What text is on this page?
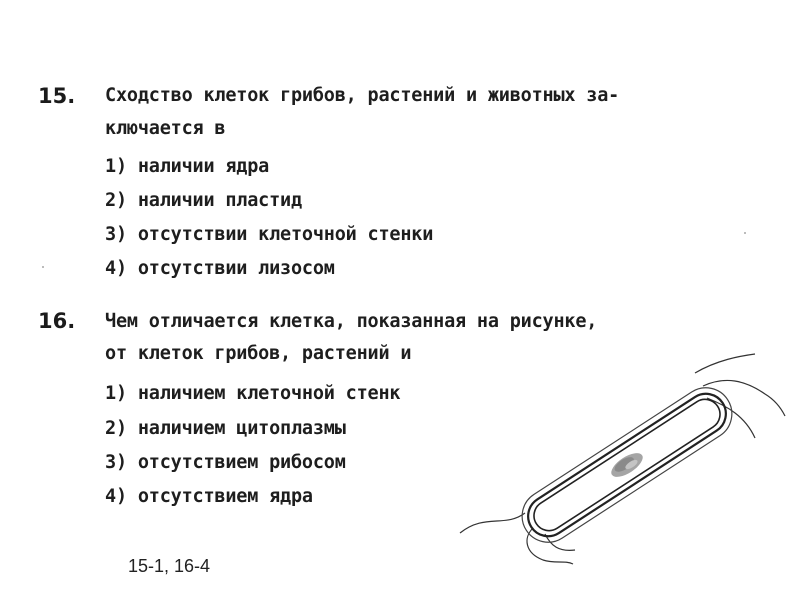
15. Сходство клеток грибов, растений и животных за-
ключается в
1) наличии ядра
2) наличии пластид
3) отсутствии клеточной стенки
4) отсутствии лизосом
16. Чем отличается клетка, показанная на рисунке,
от клеток грибов, растений и
1) наличием клеточной стенк
2) наличием цитоплазмы
3) отсутствием рибосом
4) отсутствием ядра
15-1, 16-4
